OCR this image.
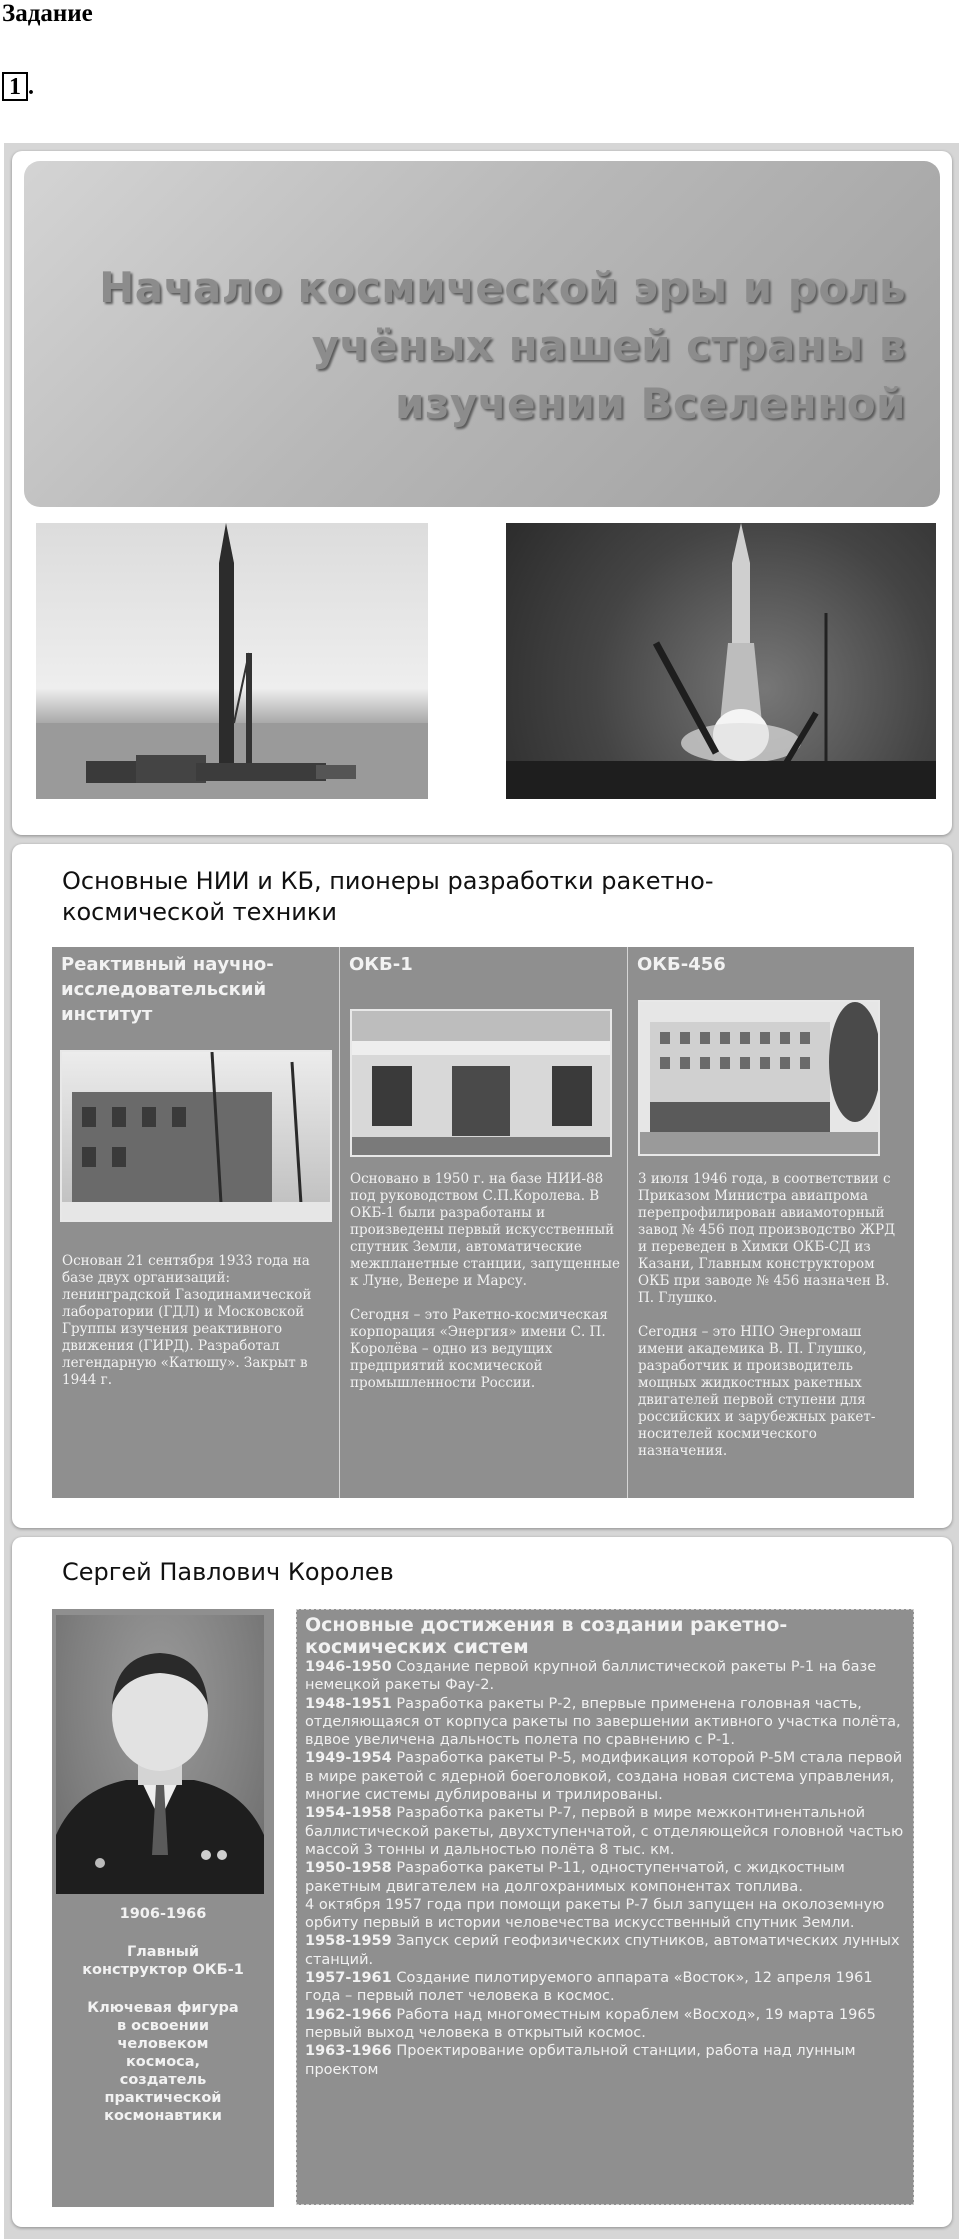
Задание
1 .
Начало космической эры и роль учёных нашей страны в изучении Вселенной
Основные НИИ и КБ, пионеры разработки ракетно-космической техники
Реактивный научно-исследовательский институт

Основан 21 сентября 1933 года на базе двух организаций: ленинградской Газодинамической лаборатории (ГДЛ) и Московской Группы изучения реактивного движения (ГИРД). Разработал легендарную «Катюшу». Закрыт в 1944 г.

ОКБ-1

Основано в 1950 г. на базе НИИ-88 под руководством С.П.Королева. В ОКБ-1 были разработаны и произведены первый искусственный спутник Земли, автоматические межпланетные станции, запущенные к Луне, Венере и Марсу.

Сегодня – это Ракетно-космическая корпорация «Энергия» имени С. П. Королёва – одно из ведущих предприятий космической промышленности России.

ОКБ-456

3 июля 1946 года, в соответствии с Приказом Министра авиапрома перепрофилирован авиамоторный завод № 456 под производство ЖРД и переведен в Химки ОКБ-СД из Казани, Главным конструктором ОКБ при заводе № 456 назначен В. П. Глушко.

Сегодня – это НПО Энергомаш имени академика В. П. Глушко, разработчик и производитель мощных жидкостных ракетных двигателей первой ступени для российских и зарубежных ракет-носителей космического назначения.

Сергей Павлович Королев
1906-1966
Главный конструктор ОКБ-1
Ключевая фигура в освоении человеком космоса, создатель практической космонавтики
Основные достижения в создании ракетно-космических систем
1946-1950 Создание первой крупной баллистической ракеты Р-1 на базе немецкой ракеты Фау-2.
1948-1951 Разработка ракеты Р-2, впервые применена головная часть, отделяющаяся от корпуса ракеты по завершении активного участка полёта, вдвое увеличена дальность полета по сравнению с Р-1.
1949-1954 Разработка ракеты Р-5, модификация которой Р-5М стала первой в мире ракетой с ядерной боеголовкой, создана новая система управления, многие системы дублированы и трилированы.
1954-1958 Разработка ракеты Р-7, первой в мире межконтинентальной баллистической ракеты, двухступенчатой, с отделяющейся головной частью массой 3 тонны и дальностью полёта 8 тыс. км.
1950-1958 Разработка ракеты Р-11, одноступенчатой, с жидкостным ракетным двигателем на долгохранимых компонентах топлива.
4 октября 1957 года при помощи ракеты Р-7 был запущен на околоземную орбиту первый в истории человечества искусственный спутник Земли.
1958-1959 Запуск серий геофизических спутников, автоматических лунных станций.
1957-1961 Создание пилотируемого аппарата «Восток», 12 апреля 1961 года – первый полет человека в космос.
1962-1966 Работа над многоместным кораблем «Восход», 19 марта 1965 первый выход человека в открытый космос.
1963-1966 Проектирование орбитальной станции, работа над лунным проектом
